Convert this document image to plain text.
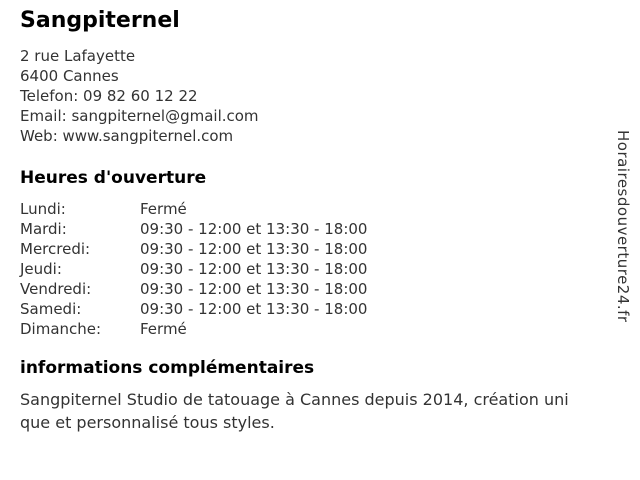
Sangpiternel
2 rue Lafayette
6400 Cannes
Telefon: 09 82 60 12 22
Email: sangpiternel@gmail.com
Web: www.sangpiternel.com
Heures d'ouverture
Lundi:	Fermé
Mardi:	09:30 - 12:00 et 13:30 - 18:00
Mercredi:	09:30 - 12:00 et 13:30 - 18:00
Jeudi:	09:30 - 12:00 et 13:30 - 18:00
Vendredi:	09:30 - 12:00 et 13:30 - 18:00
Samedi:	09:30 - 12:00 et 13:30 - 18:00
Dimanche:	Fermé
informations complémentaires
Sangpiternel Studio de tatouage à Cannes depuis 2014, création uni
que et personnalisé tous styles.
Horairesdouverture24.fr
